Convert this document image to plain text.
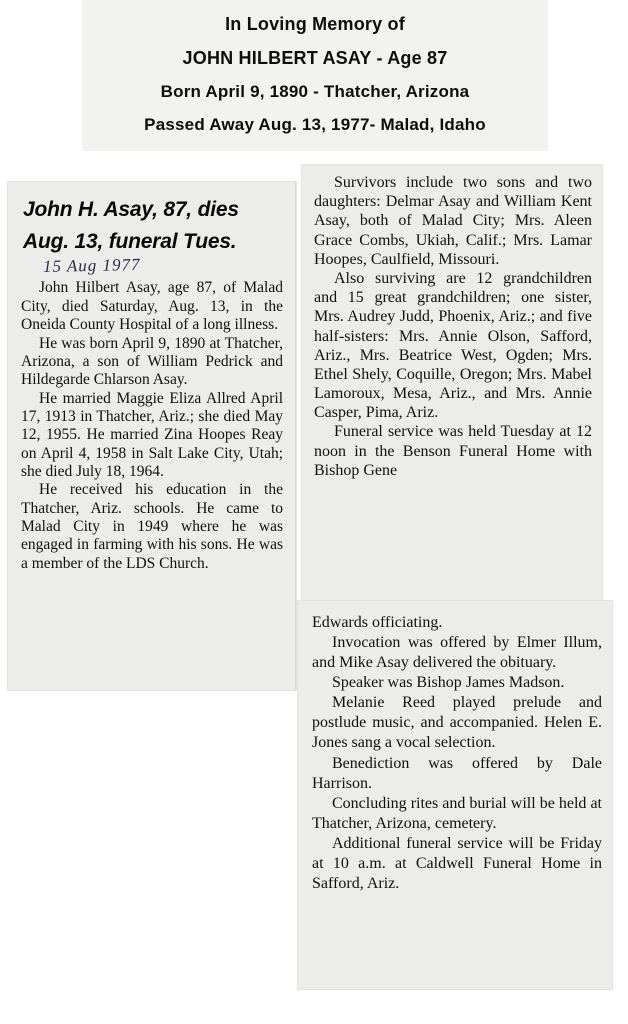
In Loving Memory of
JOHN HILBERT ASAY - Age 87
Born April 9, 1890 - Thatcher, Arizona
Passed Away Aug. 13, 1977- Malad, Idaho
John H. Asay, 87, dies
Aug. 13, funeral Tues.
15 Aug 1977

John Hilbert Asay, age 87, of Malad City, died Saturday, Aug. 13, in the Oneida County Hospital of a long illness.

He was born April 9, 1890 at Thatcher, Arizona, a son of William Pedrick and Hildegarde Chlarson Asay.

He married Maggie Eliza Allred April 17, 1913 in Thatcher, Ariz.; she died May 12, 1955. He married Zina Hoopes Reay on April 4, 1958 in Salt Lake City, Utah; she died July 18, 1964.

He received his education in the Thatcher, Ariz. schools. He came to Malad City in 1949 where he was engaged in farming with his sons. He was a member of the LDS Church.

Survivors include two sons and two daughters: Delmar Asay and William Kent Asay, both of Malad City; Mrs. Aleen Grace Combs, Ukiah, Calif.; Mrs. Lamar Hoopes, Caulfield, Missouri.

Also surviving are 12 grandchildren and 15 great grandchildren; one sister, Mrs. Audrey Judd, Phoenix, Ariz.; and five half-sisters: Mrs. Annie Olson, Safford, Ariz., Mrs. Beatrice West, Ogden; Mrs. Ethel Shely, Coquille, Oregon; Mrs. Mabel Lamoroux, Mesa, Ariz., and Mrs. Annie Casper, Pima, Ariz.

Funeral service was held Tuesday at 12 noon in the Benson Funeral Home with Bishop Gene

Edwards officiating.

Invocation was offered by Elmer Illum, and Mike Asay delivered the obituary.

Speaker was Bishop James Madson.

Melanie Reed played prelude and postlude music, and accompanied. Helen E. Jones sang a vocal selection.

Benediction was offered by Dale Harrison.

Concluding rites and burial will be held at Thatcher, Arizona, cemetery.

Additional funeral service will be Friday at 10 a.m. at Caldwell Funeral Home in Safford, Ariz.
